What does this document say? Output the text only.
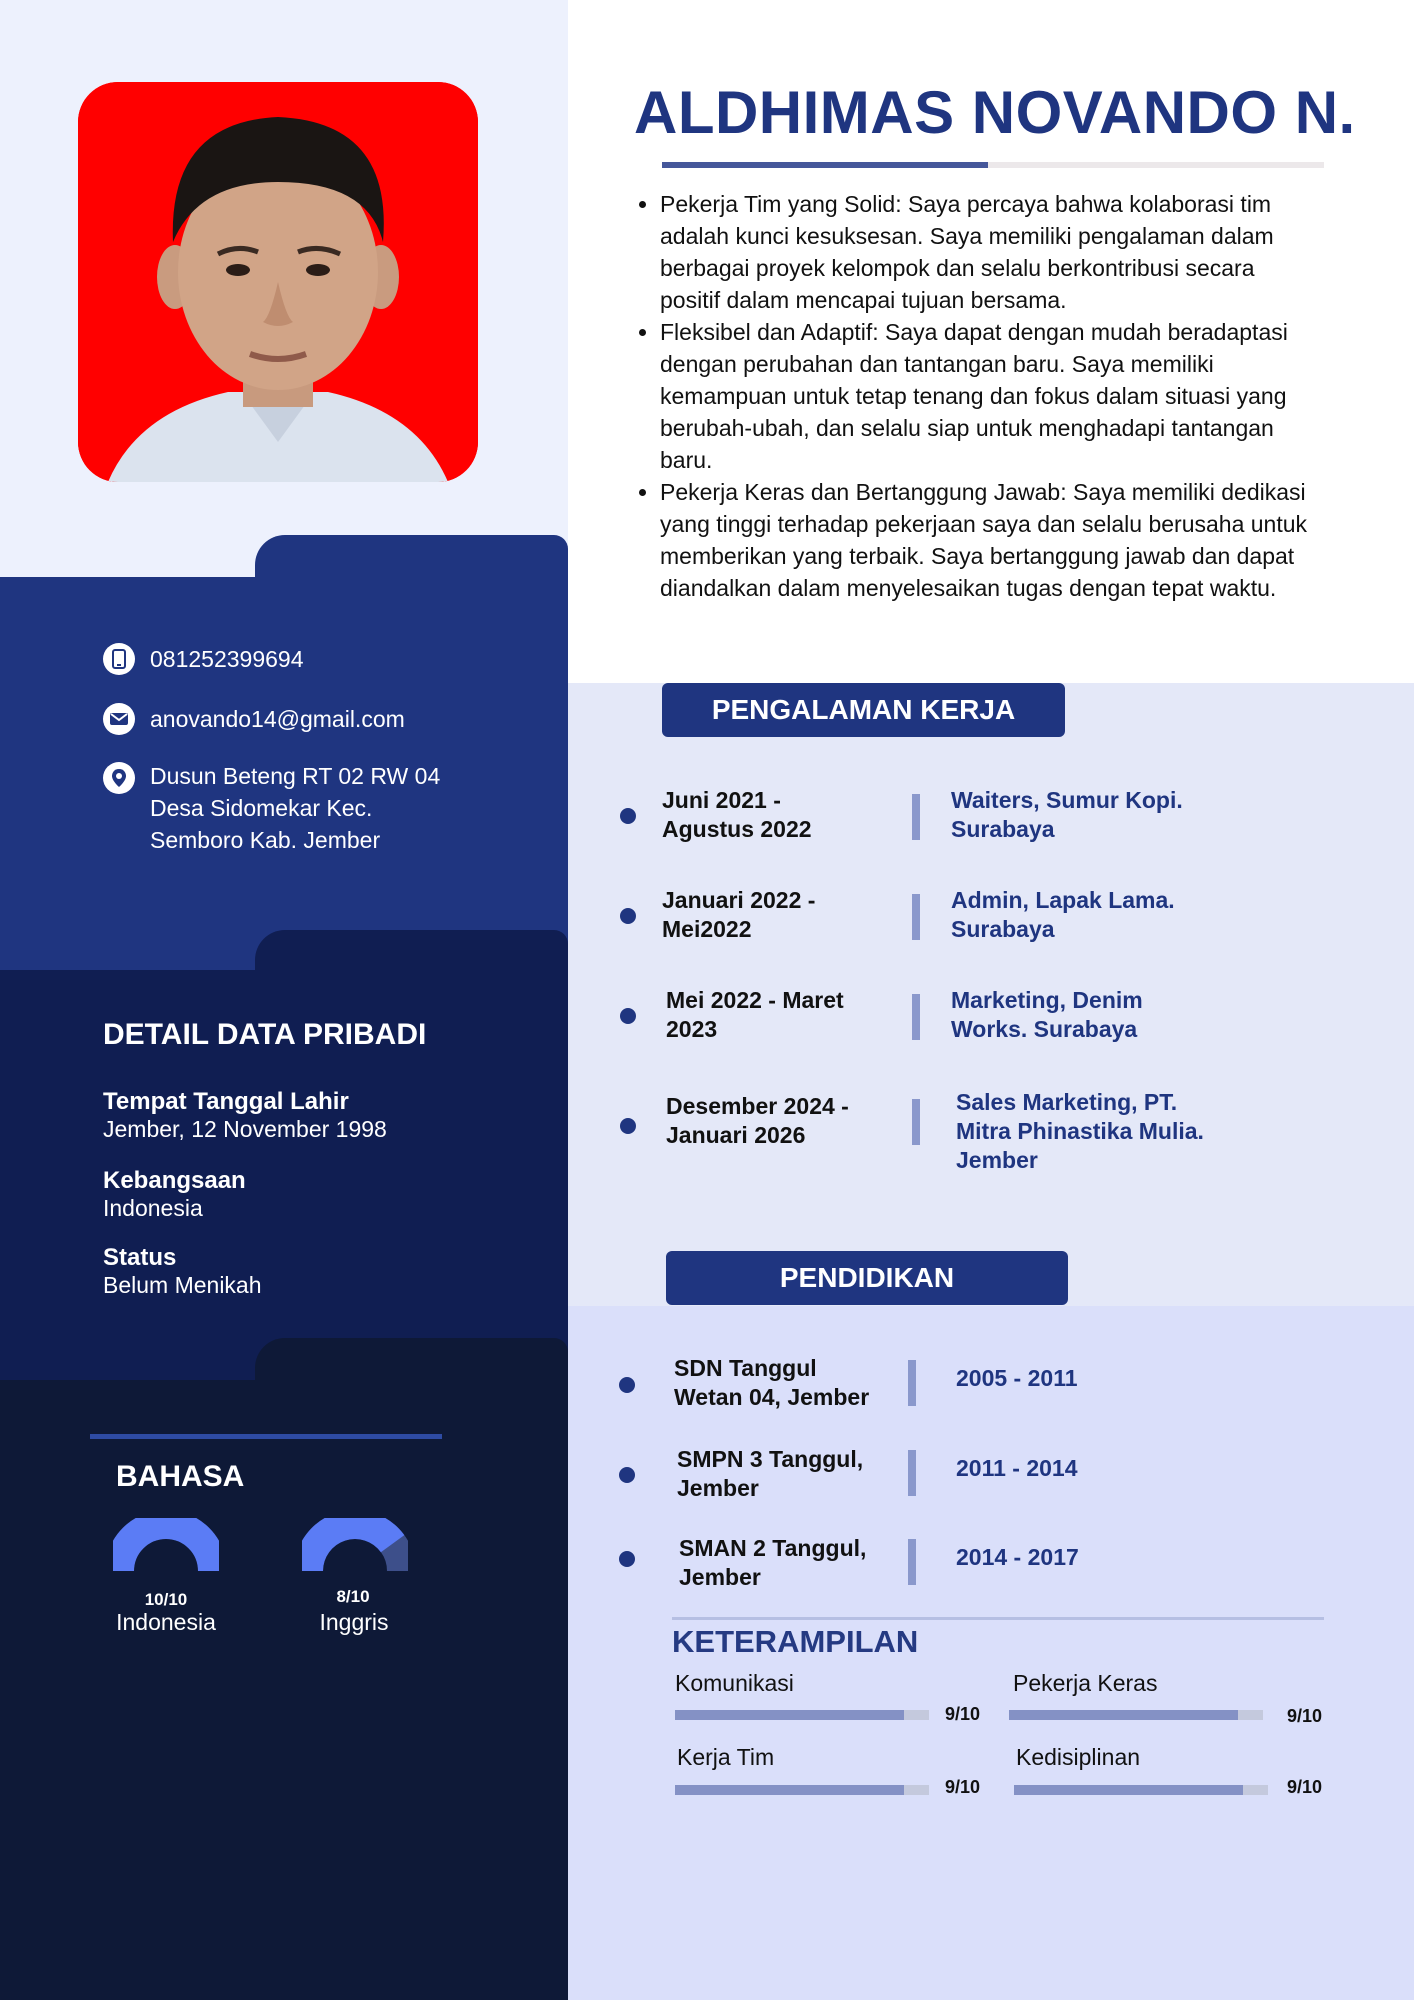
081252399694
anovando14@gmail.com
Dusun Beteng RT 02 RW 04
Desa Sidomekar Kec.
Semboro Kab. Jember
DETAIL DATA PRIBADI
Tempat Tanggal Lahir
Jember, 12 November 1998
Kebangsaan
Indonesia
Status
Belum Menikah
BAHASA
10/10
Indonesia
8/10
Inggris
ALDHIMAS NOVANDO N.
• Pekerja Tim yang Solid: Saya percaya bahwa kolaborasi tim adalah kunci kesuksesan. Saya memiliki pengalaman dalam berbagai proyek kelompok dan selalu berkontribusi secara positif dalam mencapai tujuan bersama.
• Fleksibel dan Adaptif: Saya dapat dengan mudah beradaptasi dengan perubahan dan tantangan baru. Saya memiliki kemampuan untuk tetap tenang dan fokus dalam situasi yang berubah-ubah, dan selalu siap untuk menghadapi tantangan baru.
• Pekerja Keras dan Bertanggung Jawab: Saya memiliki dedikasi yang tinggi terhadap pekerjaan saya dan selalu berusaha untuk memberikan yang terbaik. Saya bertanggung jawab dan dapat diandalkan dalam menyelesaikan tugas dengan tepat waktu.
PENGALAMAN KERJA
Juni 2021 -
Agustus 2022
Waiters, Sumur Kopi.
Surabaya
Januari 2022 -
Mei2022
Admin, Lapak Lama.
Surabaya
Mei 2022 - Maret
2023
Marketing, Denim
Works. Surabaya
Desember 2024 -
Januari 2026
Sales Marketing, PT.
Mitra Phinastika Mulia.
Jember
PENDIDIKAN
SDN Tanggul
Wetan 04, Jember
2005 - 2011
SMPN 3 Tanggul,
Jember
2011 - 2014
SMAN 2 Tanggul,
Jember
2014 - 2017
KETERAMPILAN
Komunikasi
9/10
Pekerja Keras
9/10
Kerja Tim
9/10
Kedisiplinan
9/10
